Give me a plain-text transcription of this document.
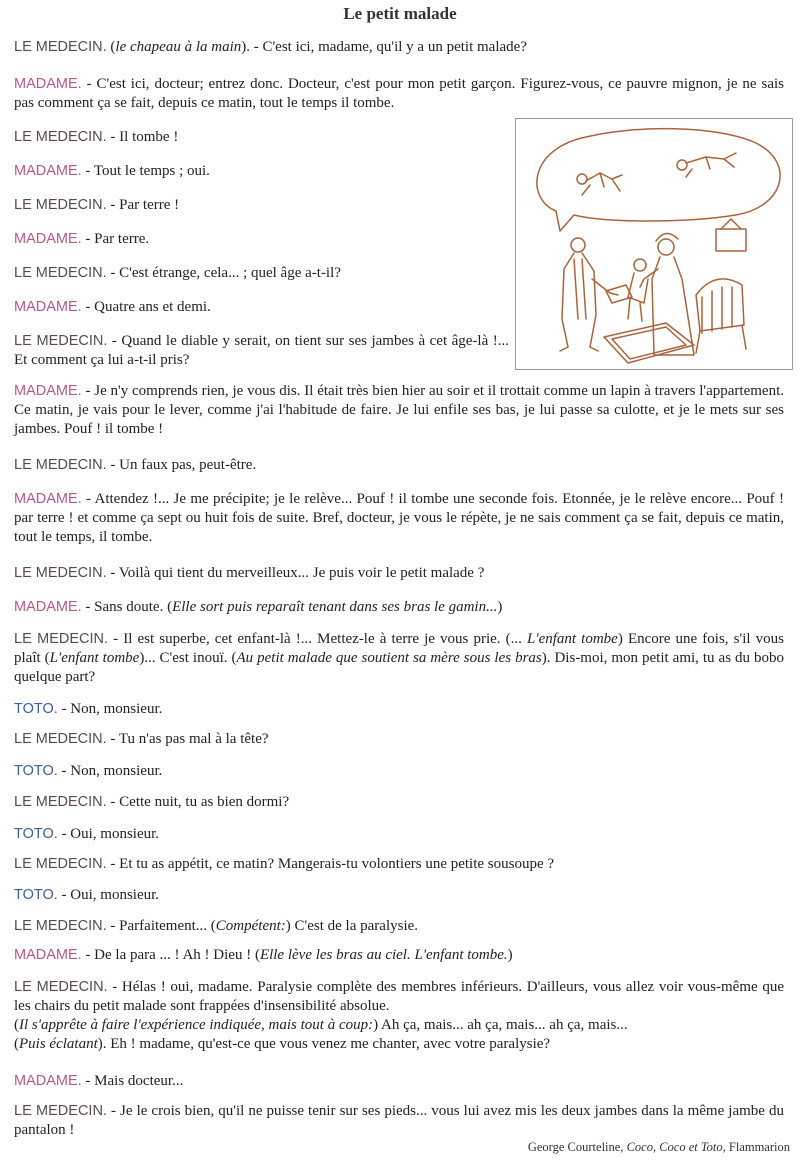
Le petit malade

LE MEDECIN. (le chapeau à la main). - C'est ici, madame, qu'il y a un petit malade?

MADAME. - C'est ici, docteur; entrez donc. Docteur, c'est pour mon petit garçon. Figurez-vous, ce pauvre mignon, je ne sais pas comment ça se fait, depuis ce matin, tout le temps il tombe.

LE MEDECIN. - Il tombe !

MADAME. - Tout le temps ; oui.

LE MEDECIN. - Par terre !

MADAME. - Par terre.

LE MEDECIN. - C'est étrange, cela... ; quel âge a-t-il?

MADAME. - Quatre ans et demi.

LE MEDECIN. - Quand le diable y serait, on tient sur ses jambes à cet âge-là !... Et comment ça lui a-t-il pris?

MADAME. - Je n'y comprends rien, je vous dis. Il était très bien hier au soir et il trottait comme un lapin à travers l'appartement. Ce matin, je vais pour le lever, comme j'ai l'habitude de faire. Je lui enfile ses bas, je lui passe sa culotte, et je le mets sur ses jambes. Pouf ! il tombe !

LE MEDECIN. - Un faux pas, peut-être.

MADAME. - Attendez !... Je me précipite; je le relève... Pouf ! il tombe une seconde fois. Etonnée, je le relève encore... Pouf ! par terre ! et comme ça sept ou huit fois de suite. Bref, docteur, je vous le répète, je ne sais comment ça se fait, depuis ce matin, tout le temps, il tombe.

LE MEDECIN. - Voilà qui tient du merveilleux... Je puis voir le petit malade ?

MADAME. - Sans doute. (Elle sort puis reparaît tenant dans ses bras le gamin...)

LE MEDECIN. - Il est superbe, cet enfant-là !... Mettez-le à terre je vous prie. (... L'enfant tombe) Encore une fois, s'il vous plaît (L'enfant tombe)... C'est inouï. (Au petit malade que soutient sa mère sous les bras). Dis-moi, mon petit ami, tu as du bobo quelque part?

TOTO. - Non, monsieur.

LE MEDECIN. - Tu n'as pas mal à la tête?

TOTO. - Non, monsieur.

LE MEDECIN. - Cette nuit, tu as bien dormi?

TOTO. - Oui, monsieur.

LE MEDECIN. - Et tu as appétit, ce matin? Mangerais-tu volontiers une petite sousoupe ?

TOTO. - Oui, monsieur.

LE MEDECIN. - Parfaitement... (Compétent:) C'est de la paralysie.

MADAME. - De la para ... ! Ah ! Dieu ! (Elle lève les bras au ciel. L'enfant tombe.)

LE MEDECIN. - Hélas ! oui, madame. Paralysie complète des membres inférieurs. D'ailleurs, vous allez voir vous-même que les chairs du petit malade sont frappées d'insensibilité absolue.
(Il s'apprête à faire l'expérience indiquée, mais tout à coup:) Ah ça, mais... ah ça, mais... ah ça, mais...
(Puis éclatant). Eh ! madame, qu'est-ce que vous venez me chanter, avec votre paralysie?

MADAME. - Mais docteur...

LE MEDECIN. - Je le crois bien, qu'il ne puisse tenir sur ses pieds... vous lui avez mis les deux jambes dans la même jambe du pantalon !

George Courteline, Coco, Coco et Toto, Flammarion
